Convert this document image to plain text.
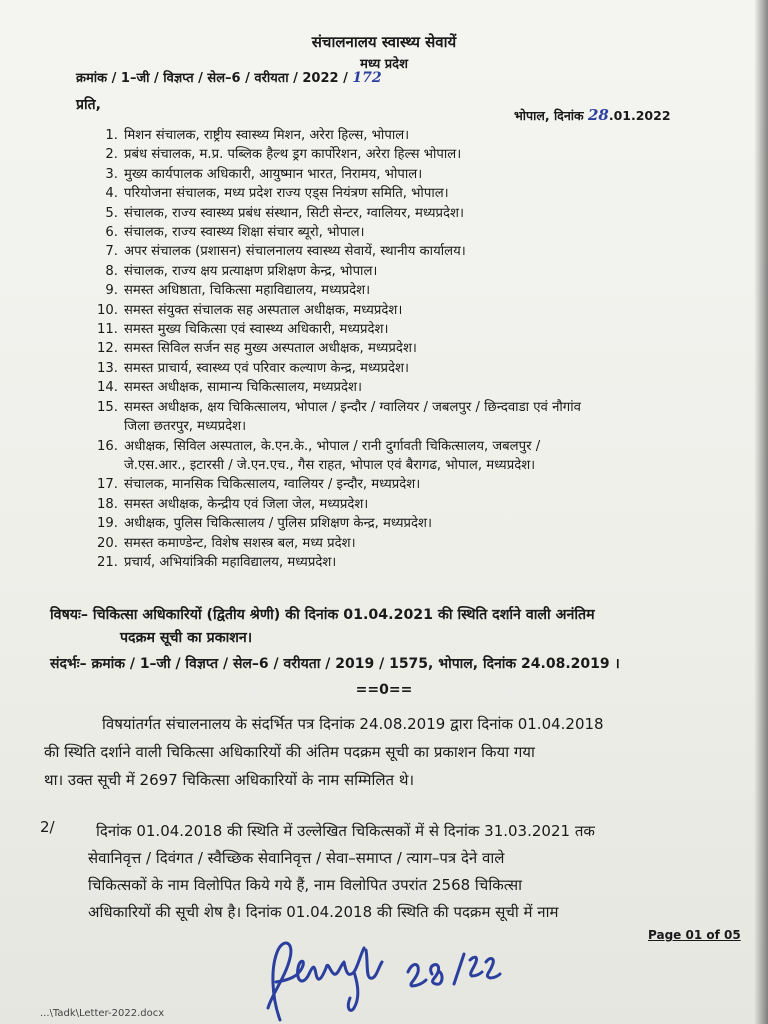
संचालनालय स्वास्थ्य सेवायें
मध्य प्रदेश
क्रमांक / 1–जी / विज्ञप्त / सेल–6 / वरीयता / 2022 / 172
प्रति,
भोपाल, दिनांक 28.01.2022
1. मिशन संचालक, राष्ट्रीय स्वास्थ्य मिशन, अरेरा हिल्स, भोपाल।
2. प्रबंध संचालक, म.प्र. पब्लिक हैल्थ ड्रग कार्पोरेशन, अरेरा हिल्स भोपाल।
3. मुख्य कार्यपालक अधिकारी, आयुष्मान भारत, निरामय, भोपाल।
4. परियोजना संचालक, मध्य प्रदेश राज्य एड्स नियंत्रण समिति, भोपाल।
5. संचालक, राज्य स्वास्थ्य प्रबंध संस्थान, सिटी सेन्टर, ग्वालियर, मध्यप्रदेश।
6. संचालक, राज्य स्वास्थ्य शिक्षा संचार ब्यूरो, भोपाल।
7. अपर संचालक (प्रशासन) संचालनालय स्वास्थ्य सेवायें, स्थानीय कार्यालय।
8. संचालक, राज्य क्षय प्रत्याक्षण प्रशिक्षण केन्द्र, भोपाल।
9. समस्त अधिष्ठाता, चिकित्सा महाविद्यालय, मध्यप्रदेश।
10. समस्त संयुक्त संचालक सह अस्पताल अधीक्षक, मध्यप्रदेश।
11. समस्त मुख्य चिकित्सा एवं स्वास्थ्य अधिकारी, मध्यप्रदेश।
12. समस्त सिविल सर्जन सह मुख्य अस्पताल अधीक्षक, मध्यप्रदेश।
13. समस्त प्राचार्य, स्वास्थ्य एवं परिवार कल्याण केन्द्र, मध्यप्रदेश।
14. समस्त अधीक्षक, सामान्य चिकित्सालय, मध्यप्रदेश।
15. समस्त अधीक्षक, क्षय चिकित्सालय, भोपाल / इन्दौर / ग्वालियर / जबलपुर / छिन्दवाडा एवं नौगांव
जिला छतरपुर, मध्यप्रदेश।
16. अधीक्षक, सिविल अस्पताल, के.एन.के., भोपाल / रानी दुर्गावती चिकित्सालय, जबलपुर /
जे.एस.आर., इटारसी / जे.एन.एच., गैस राहत, भोपाल एवं बैरागढ, भोपाल, मध्यप्रदेश।
17. संचालक, मानसिक चिकित्सालय, ग्वालियर / इन्दौर, मध्यप्रदेश।
18. समस्त अधीक्षक, केन्द्रीय एवं जिला जेल, मध्यप्रदेश।
19. अधीक्षक, पुलिस चिकित्सालय / पुलिस प्रशिक्षण केन्द्र, मध्यप्रदेश।
20. समस्त कमाण्डेन्ट, विशेष सशस्त्र बल, मध्य प्रदेश।
21. प्रचार्य, अभियांत्रिकी महाविद्यालय, मध्यप्रदेश।
विषयः– चिकित्सा अधिकारियों (द्वितीय श्रेणी) की दिनांक 01.04.2021 की स्थिति दर्शाने वाली अनंतिम
पदक्रम सूची का प्रकाशन।
संदर्भः– क्रमांक / 1–जी / विज्ञप्त / सेल–6 / वरीयता / 2019 / 1575, भोपाल, दिनांक 24.08.2019 ।
==0==
विषयांतर्गत संचालनालय के संदर्भित पत्र दिनांक 24.08.2019 द्वारा दिनांक 01.04.2018
की स्थिति दर्शाने वाली चिकित्सा अधिकारियों की अंतिम पदक्रम सूची का प्रकाशन किया गया
था। उक्त सूची में 2697 चिकित्सा अधिकारियों के नाम सम्मिलित थे।
2/	दिनांक 01.04.2018 की स्थिति में उल्लेखित चिकित्सकों में से दिनांक 31.03.2021 तक
सेवानिवृत्त / दिवंगत / स्वैच्छिक सेवानिवृत्त / सेवा–समाप्त / त्याग–पत्र देने वाले
चिकित्सकों के नाम विलोपित किये गये हैं, नाम विलोपित उपरांत 2568 चिकित्सा
अधिकारियों की सूची शेष है। दिनांक 01.04.2018 की स्थिति की पदक्रम सूची में नाम
Page 01 of 05
28/1/22
...\Tadk\Letter-2022.docx
